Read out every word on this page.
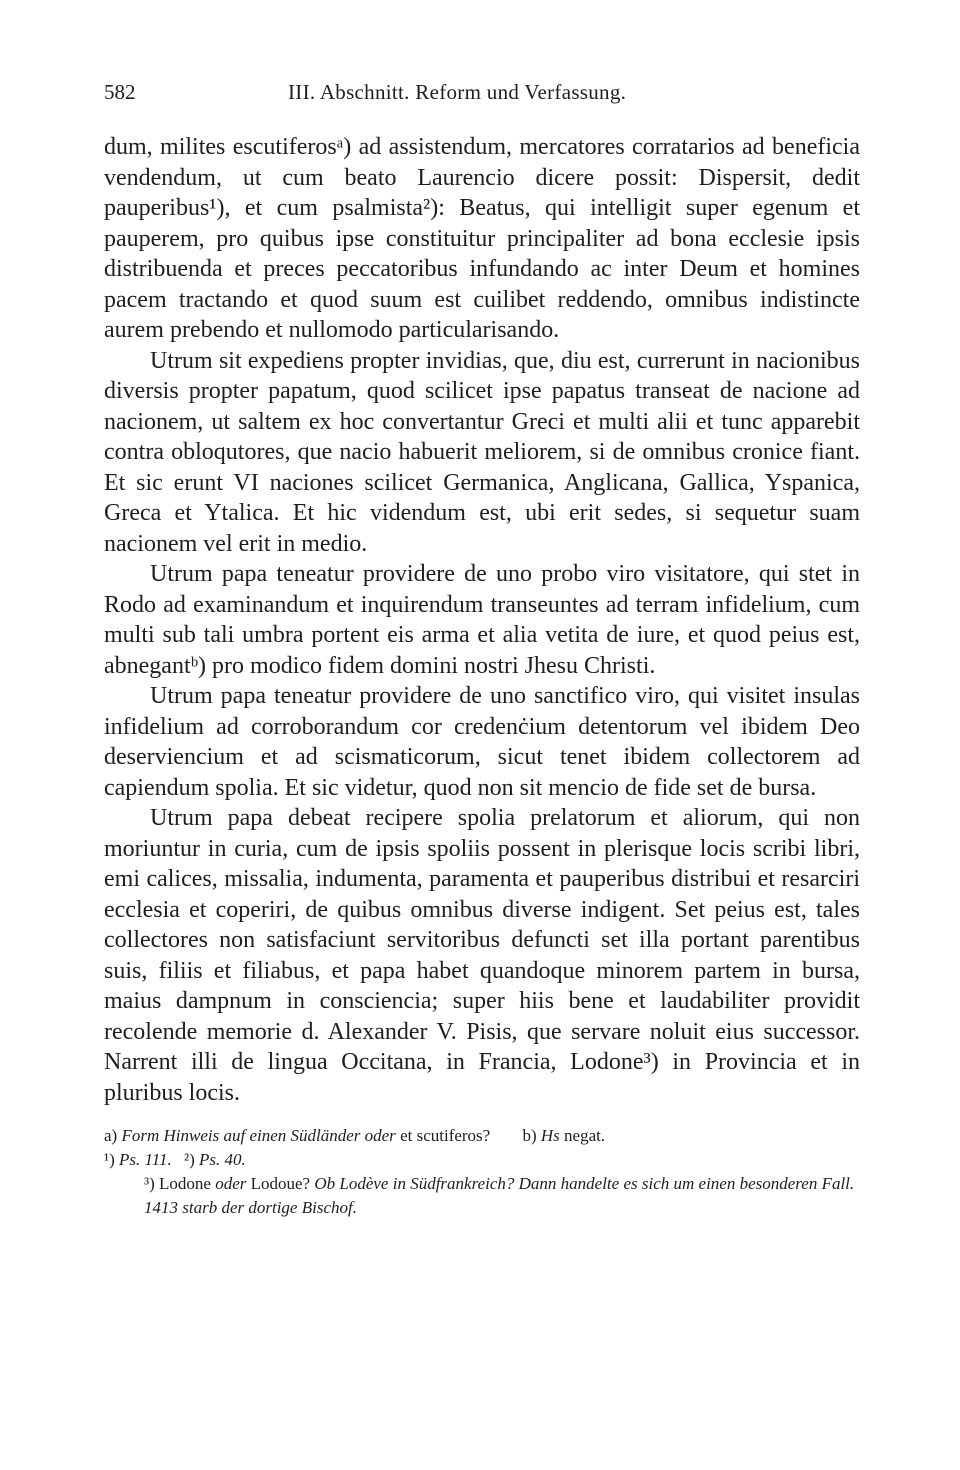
582	III. Abschnitt. Reform und Verfassung.

dum, milites escutiferosᵃ) ad assistendum, mercatores corratarios ad beneficia vendendum, ut cum beato Laurencio dicere possit: Dispersit, dedit pauperibus¹), et cum psalmista²): Beatus, qui intelligit super egenum et pauperem, pro quibus ipse constituitur principaliter ad bona ecclesie ipsis distribuenda et preces peccatoribus infundando ac inter Deum et homines pacem tractando et quod suum est cuilibet reddendo, omnibus indistincte aurem prebendo et nullomodo particularisando.

Utrum sit expediens propter invidias, que, diu est, currerunt in nacionibus diversis propter papatum, quod scilicet ipse papatus transeat de nacione ad nacionem, ut saltem ex hoc convertantur Greci et multi alii et tunc apparebit contra obloqutores, que nacio habuerit meliorem, si de omnibus cronice fiant. Et sic erunt VI naciones scilicet Germanica, Anglicana, Gallica, Yspanica, Greca et Ytalica. Et hic videndum est, ubi erit sedes, si sequetur suam nacionem vel erit in medio.

Utrum papa teneatur providere de uno probo viro visitatore, qui stet in Rodo ad examinandum et inquirendum transeuntes ad terram infidelium, cum multi sub tali umbra portent eis arma et alia vetita de iure, et quod peius est, abnegantᵇ) pro modico fidem domini nostri Jhesu Christi.

Utrum papa teneatur providere de uno sanctifico viro, qui visitet insulas infidelium ad corroborandum cor credenċium detentorum vel ibidem Deo deserviencium et ad scismaticorum, sicut tenet ibidem collectorem ad capiendum spolia. Et sic videtur, quod non sit mencio de fide set de bursa.

Utrum papa debeat recipere spolia prelatorum et aliorum, qui non moriuntur in curia, cum de ipsis spoliis possent in plerisque locis scribi libri, emi calices, missalia, indumenta, paramenta et pauperibus distribui et resarciri ecclesia et coperiri, de quibus omnibus diverse indigent. Set peius est, tales collectores non satisfaciunt servitoribus defuncti set illa portant parentibus suis, filiis et filiabus, et papa habet quandoque minorem partem in bursa, maius dampnum in consciencia; super hiis bene et laudabiliter providit recolende memorie d. Alexander V. Pisis, que servare noluit eius successor. Narrent illi de lingua Occitana, in Francia, Lodone³) in Provincia et in pluribus locis.

a) Form Hinweis auf einen Südländer oder et scutiferos? b) Hs negat.
¹) Ps. 111. ²) Ps. 40.
³) Lodone oder Lodoue? Ob Lodève in Südfrankreich? Dann handelte es sich um einen besonderen Fall. 1413 starb der dortige Bischof.
